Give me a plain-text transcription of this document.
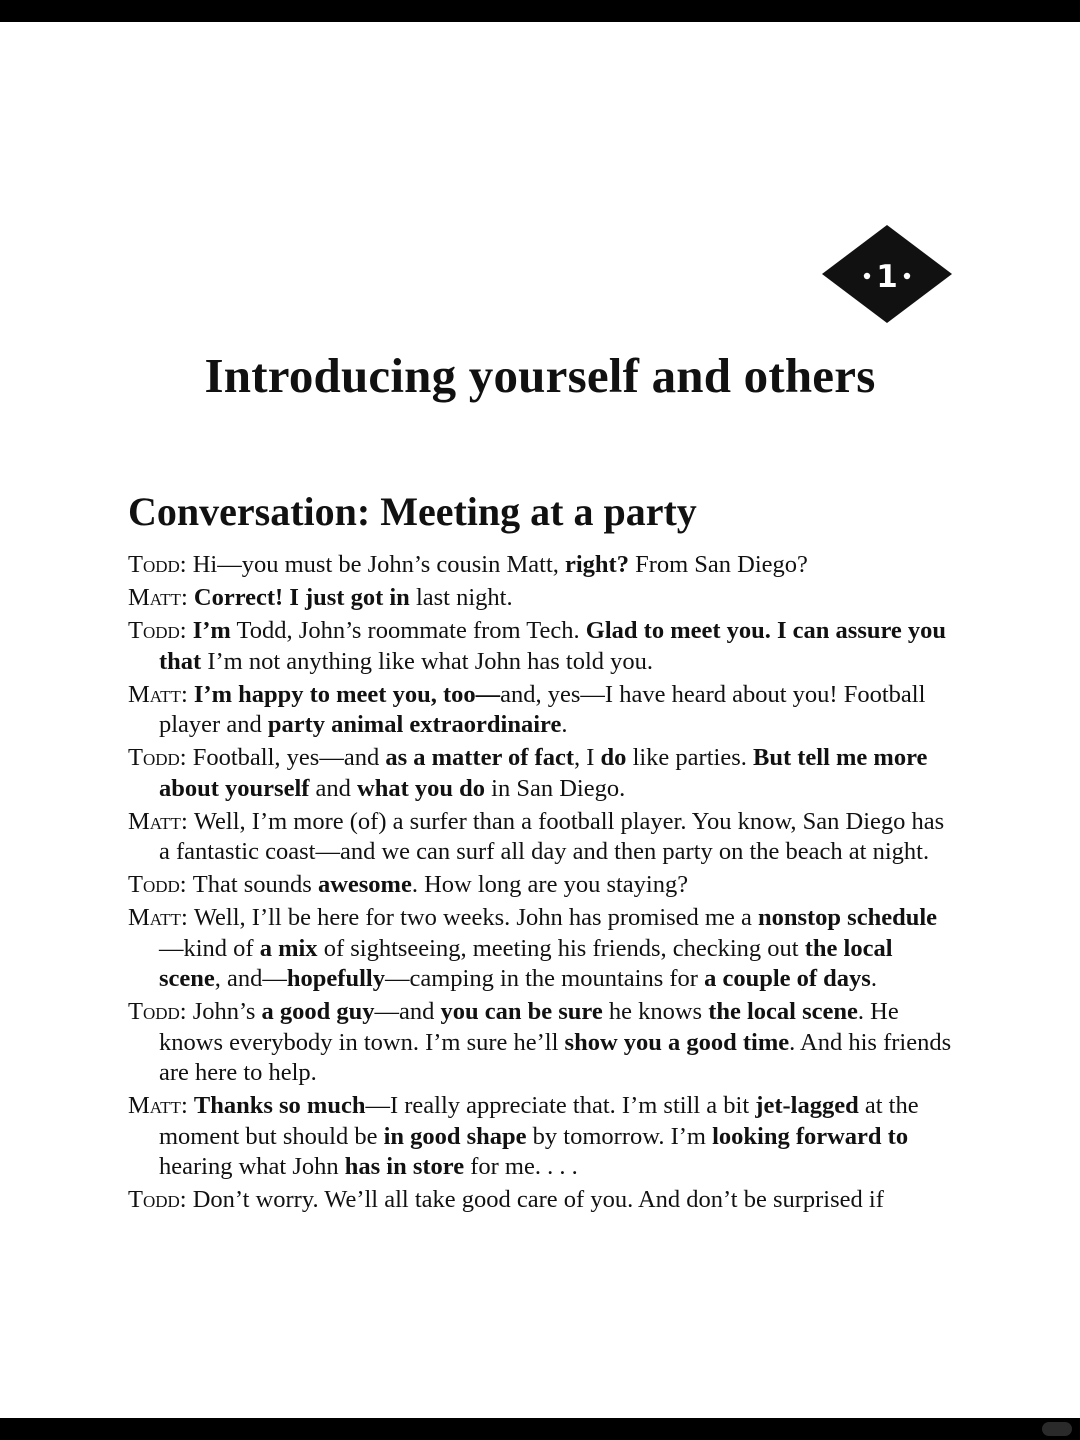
1
Introducing yourself and others
Conversation: Meeting at a party
Todd: Hi—you must be John’s cousin Matt, right? From San Diego?
Matt: Correct! I just got in last night.
Todd: I’m Todd, John’s roommate from Tech. Glad to meet you. I can assure you that I’m not anything like what John has told you.
Matt: I’m happy to meet you, too—and, yes—I have heard about you! Football player and party animal extraordinaire.
Todd: Football, yes—and as a matter of fact, I do like parties. But tell me more about yourself and what you do in San Diego.
Matt: Well, I’m more (of) a surfer than a football player. You know, San Diego has a fantastic coast—and we can surf all day and then party on the beach at night.
Todd: That sounds awesome. How long are you staying?
Matt: Well, I’ll be here for two weeks. John has promised me a nonstop schedule—kind of a mix of sightseeing, meeting his friends, checking out the local scene, and—hopefully—camping in the mountains for a couple of days.
Todd: John’s a good guy—and you can be sure he knows the local scene. He knows everybody in town. I’m sure he’ll show you a good time. And his friends are here to help.
Matt: Thanks so much—I really appreciate that. I’m still a bit jet-lagged at the moment but should be in good shape by tomorrow. I’m looking forward to hearing what John has in store for me. . . .
Todd: Don’t worry. We’ll all take good care of you. And don’t be surprised if
